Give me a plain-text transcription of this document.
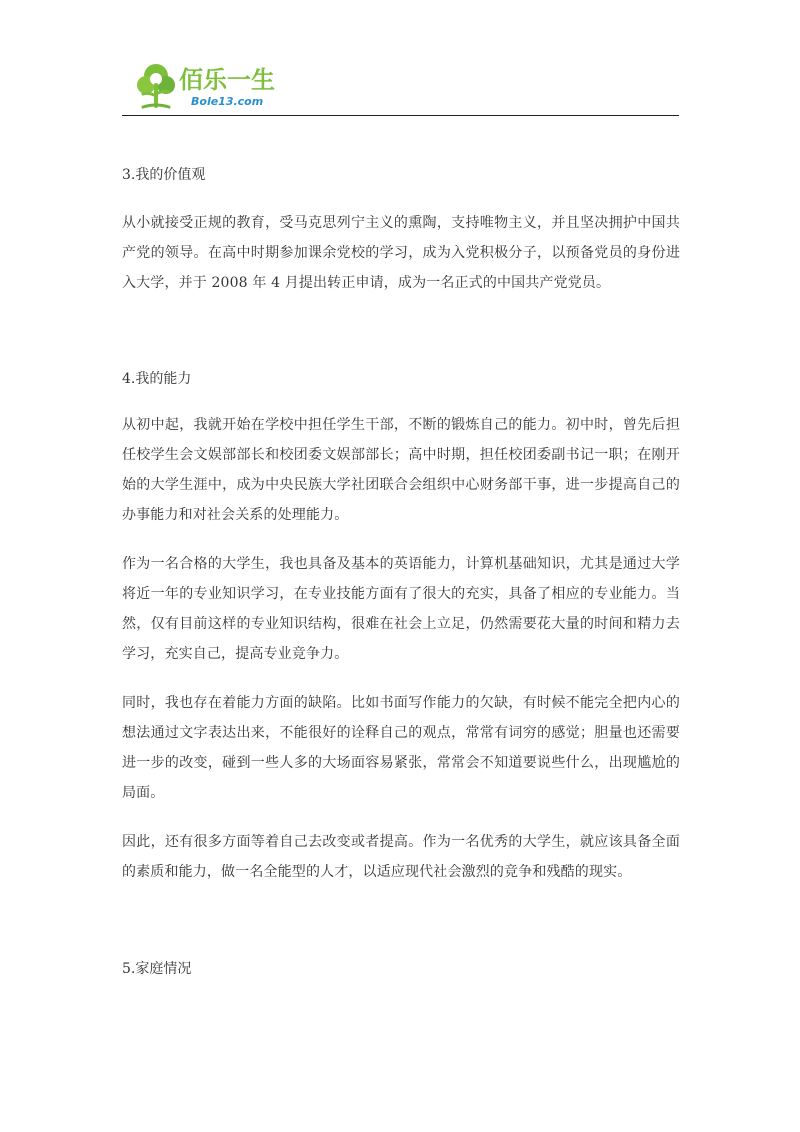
佰乐一生
Bole13.com

3.我的价值观

从小就接受正规的教育，受马克思列宁主义的熏陶，支持唯物主义，并且坚决拥护中国共产党的领导。在高中时期参加课余党校的学习，成为入党积极分子，以预备党员的身份进入大学，并于 2008 年 4 月提出转正申请，成为一名正式的中国共产党党员。

4.我的能力

从初中起，我就开始在学校中担任学生干部，不断的锻炼自己的能力。初中时，曾先后担任校学生会文娱部部长和校团委文娱部部长；高中时期，担任校团委副书记一职；在刚开始的大学生涯中，成为中央民族大学社团联合会组织中心财务部干事，进一步提高自己的办事能力和对社会关系的处理能力。

作为一名合格的大学生，我也具备及基本的英语能力，计算机基础知识，尤其是通过大学将近一年的专业知识学习，在专业技能方面有了很大的充实，具备了相应的专业能力。当然，仅有目前这样的专业知识结构，很难在社会上立足，仍然需要花大量的时间和精力去学习，充实自己，提高专业竞争力。

同时，我也存在着能力方面的缺陷。比如书面写作能力的欠缺，有时候不能完全把内心的想法通过文字表达出来，不能很好的诠释自己的观点，常常有词穷的感觉；胆量也还需要进一步的改变，碰到一些人多的大场面容易紧张，常常会不知道要说些什么，出现尴尬的局面。

因此，还有很多方面等着自己去改变或者提高。作为一名优秀的大学生，就应该具备全面的素质和能力，做一名全能型的人才，以适应现代社会激烈的竞争和残酷的现实。

5.家庭情况
